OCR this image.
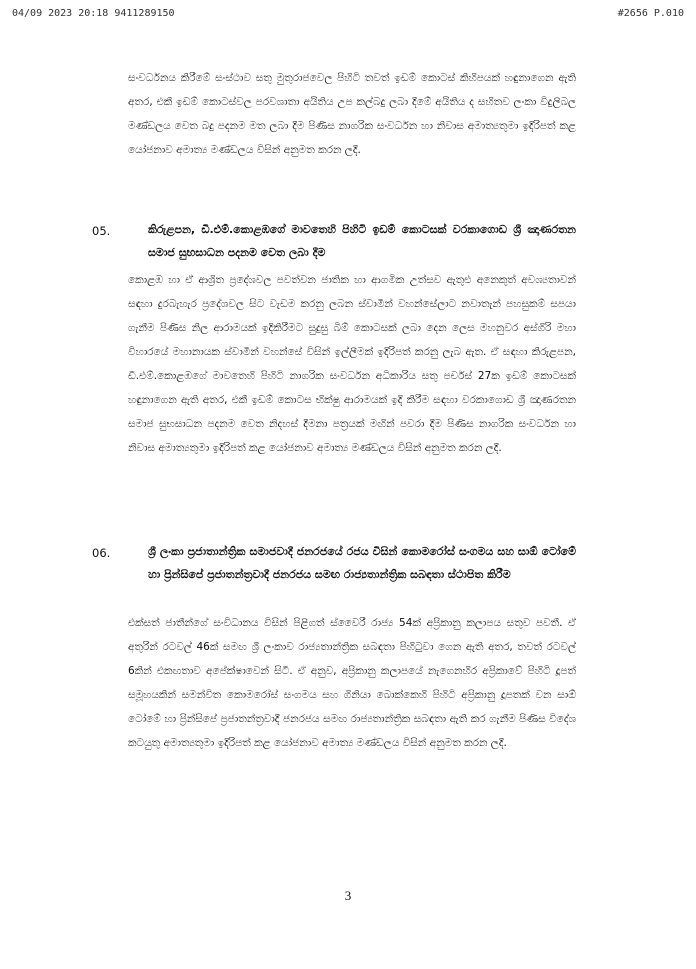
04/09 2023 20:18 9411289150	#2656 P.010

සංවර්ධනය කිරීමේ සංස්ථාව සතු මුතුරාජවෙල පිහිටි තවත් ඉඩම් කොටස් කිහිපයක් හඳුනාගෙන ඇති අතර, එකී ඉඩම් කොටස්වල පරවශාතා අයිතිය උප කල්බදු ලබා දීමේ අයිතිය ද සහිතව ලංකා විදුලිබල මණ්ඩලය වෙත බදු පදනම මත ලබා දීම පිණිස නාගරික සංවර්ධන හා නිවාස අමාත්‍යතුමා ඉදිරිපත් කළ යෝජනාව අමාත්‍ය මණ්ඩලය විසින් අනුමත කරන ලදී.

05.	කිරුළපන, ඩී.එම්.කොළඹගේ මාවතෙහි පිහිටි ඉඩම් කොටසක් වරකාගොඩ ශ්‍රී ඤාණරතන සමාජ සුභසාධන පදනම වෙත ලබා දීම

කොළඹ හා ඒ ආශ්‍රිත ප්‍රදේශවල පවත්වන ජාතික හා ආගමික උත්සව ඇතුළු අනෙකුත් අවශ්‍යතාවන් සඳහා දුරබැහැර ප්‍රදේශවල සිට වැඩම කරනු ලබන ස්වාමීන් වහන්සේලාට නවාතැන් පහසුකම් සපයා ගැනීම පිණිස නිල ආරාමයක් ඉදිකිරීමට සුදුසු බිම් කොටසක් ලබා දෙන ලෙස මහනුවර අස්ගිරි මහා විහාරයේ මහානායක ස්වාමීන් වහන්සේ විසින් ඉල්ලීමක් ඉදිරිපත් කරනු ලැබ ඇත. ඒ සඳහා කිරුළපන, ඩී.එම්.කොළඹගේ මාවතෙහි පිහිටි නාගරික සංවර්ධන අධිකාරිය සතු පර්චස් 27ක ඉඩම් කොටසක් හඳුනාගෙන ඇති අතර, එකී ඉඩම් කොටස භික්ෂු ආරාමයක් ඉදි කිරීම සඳහා වරකාගොඩ ශ්‍රී ඤාණරතන සමාජ සුභසාධන පදනම වෙත නිදහස් දීමනා පත්‍රයක් මඟින් පවරා දීම පිණිස නාගරික සංවර්ධන හා නිවාස අමාත්‍යතුමා ඉදිරිපත් කළ යෝජනාව අමාත්‍ය මණ්ඩලය විසින් අනුමත කරන ලදී.

06.	ශ්‍රී ලංකා ප්‍රජාතාන්ත්‍රික සමාජවාදී ජනරජයේ රජය විසින් කොමරෝස් සංගමය සහ සාඕ ටෝමේ හා ප්‍රින්සිපේ ප්‍රජාතන්ත්‍රවාදී ජනරජය සමඟ රාජ්‍යතාන්ත්‍රික සබඳතා ස්ථාපිත කිරීම

එක්සත් ජාතීන්ගේ සංවිධානය විසින් පිළිගත් ස්වෛරී රාජ්‍ය 54ක් අප්‍රිකානු කලාපය සතුව පවතී. ඒ අතුරින් රටවල් 46ක් සමඟ ශ්‍රී ලංකාව රාජ්‍යතාන්ත්‍රික සබඳතා පිහිටුවා ගෙන ඇති අතර, තවත් රටවල් 6කින් එකඟතාව අපේක්ෂාවෙන් සිටී. ඒ අනුව, අප්‍රිකානු කලාපයේ නැගෙනහිර අප්‍රිකාවේ පිහිටි දූපත් සමූහයකින් සමන්විත කොමරෝස් සංගමය සහ ගිනියා බොක්කෙහි පිහිටි අප්‍රිකානු දූපතක් වන සාඕ ටෝමේ හා ප්‍රින්සිපේ ප්‍රජාතන්ත්‍රවාදී ජනරජය සමඟ රාජ්‍යතාන්ත්‍රික සබඳතා ඇති කර ගැනීම පිණිස විදේශ කටයුතු අමාත්‍යතුමා ඉදිරිපත් කළ යෝජනාව අමාත්‍ය මණ්ඩලය විසින් අනුමත කරන ලදී.

3
